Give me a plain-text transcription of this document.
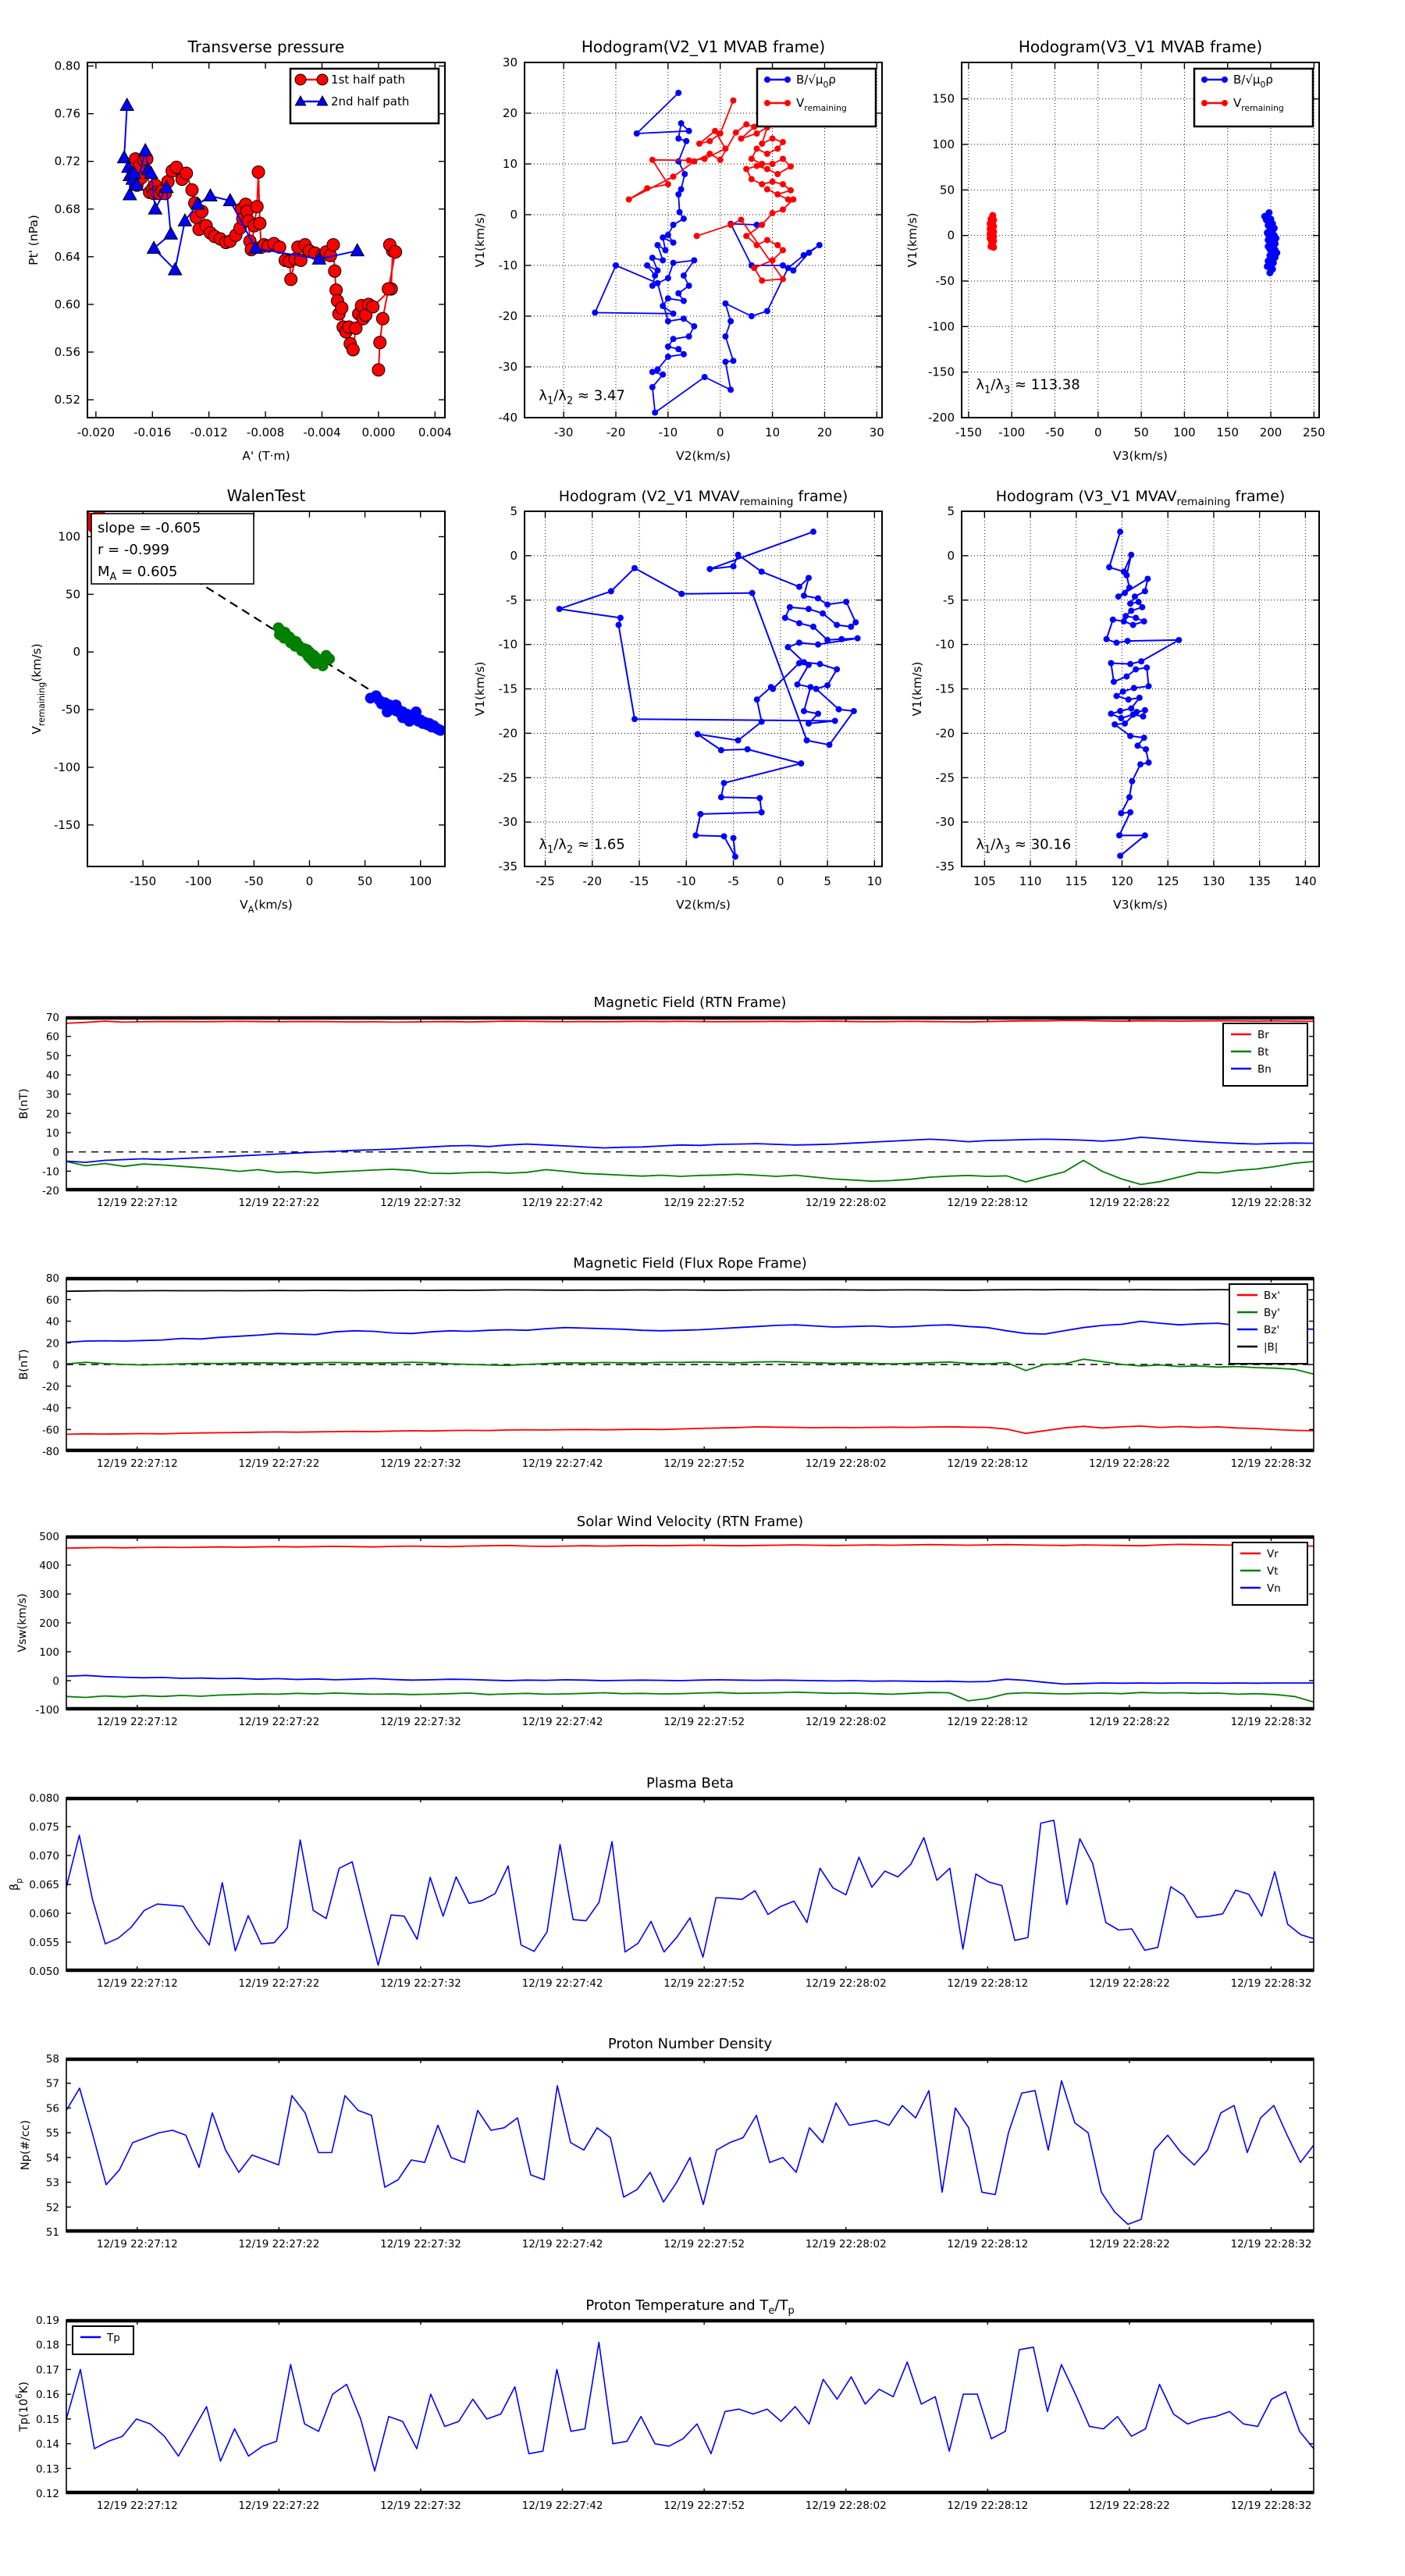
-0.020 -0.016 -0.012 -0.008 -0.004 0.000 0.004
0.52
0.56
0.60
0.64
0.68
0.72
0.76
0.80
Transverse pressure
A' (T·m)
Pt' (nPa)
1st half path
2nd half path
-30	-20	-10	0	10	20	30
-40
-30
-20
-10
0
10
20
30
Hodogram(V2_V1 MVAB frame)
V2(km/s)
V1(km/s)
$\lambda_1/\lambda_2 \approx 3.47$
$B/√\mu_0\rho$
$V_{remaining}$
-150 -100 -50	0	50 100 150 200 250
-200
-150
-100
-50
0
50
100
150
Hodogram(V3_V1 MVAB frame)
V3(km/s)
V1(km/s)
$\lambda_1/\lambda_3 \approx 113.38$
$B/√\mu_0\rho$
$V_{remaining}$
-150 -100	-50	0	50	100
-150
-100
-50
0
50
100
WalenTest
$V_A(km/s)$
$V_{remaining}(km/s)$
slope = -0.605
r = -0.999
$M_A = 0.605$
-25 -20 -15 -10	-5	0	5	10
-35
-30
-25
-20
-15
-10
-5
0
5
Hodogram (V2_V1 $MVAV_{remaining}$ frame)
V2(km/s)
V1(km/s)
$\lambda_1/\lambda_2 \approx 1.65$
105 110 115 120 125 130 135 140
-35
-30
-25
-20
-15
-10
-5
0
5
Hodogram (V3_V1 $MVAV_{remaining}$ frame)
V3(km/s)
V1(km/s)
$\lambda_1/\lambda_3 \approx 30.16$
12/19 22:27:12	12/19 22:27:22	12/19 22:27:32	12/19 22:27:42	12/19 22:27:52	12/19 22:28:02	12/19 22:28:12	12/19 22:28:22	12/19 22:28:32
-20
-10
0
10
20
30
40
50
60
70
Magnetic Field (RTN Frame)
B(nT)
Br
Bt
Bn
12/19 22:27:12	12/19 22:27:22	12/19 22:27:32	12/19 22:27:42	12/19 22:27:52	12/19 22:28:02	12/19 22:28:12	12/19 22:28:22	12/19 22:28:32
-80
-60
-40
-20
0
20
40
60
80
Magnetic Field (Flux Rope Frame)
B(nT)
Bx'
By'
Bz'
|B|
12/19 22:27:12	12/19 22:27:22	12/19 22:27:32	12/19 22:27:42	12/19 22:27:52	12/19 22:28:02	12/19 22:28:12	12/19 22:28:22	12/19 22:28:32
-100
0
100
200
300
400
500
Solar Wind Velocity (RTN Frame)
Vsw(km/s)
Vr
Vt
Vn
12/19 22:27:12	12/19 22:27:22	12/19 22:27:32	12/19 22:27:42	12/19 22:27:52	12/19 22:28:02	12/19 22:28:12	12/19 22:28:22	12/19 22:28:32
0.050
0.055
0.060
0.065
0.070
0.075
0.080
Plasma Beta
$\beta_p$
12/19 22:27:12	12/19 22:27:22	12/19 22:27:32	12/19 22:27:42	12/19 22:27:52	12/19 22:28:02	12/19 22:28:12	12/19 22:28:22	12/19 22:28:32
51
52
53
54
55
56
57
58
Proton Number Density
Np(#/cc)
12/19 22:27:12	12/19 22:27:22	12/19 22:27:32	12/19 22:27:42	12/19 22:27:52	12/19 22:28:02	12/19 22:28:12	12/19 22:28:22	12/19 22:28:32
0.12
0.13
0.14
0.15
0.16
0.17
0.18
0.19
Proton Temperature and $T_e/T_p$
$Tp(10^6K)$
Tp
